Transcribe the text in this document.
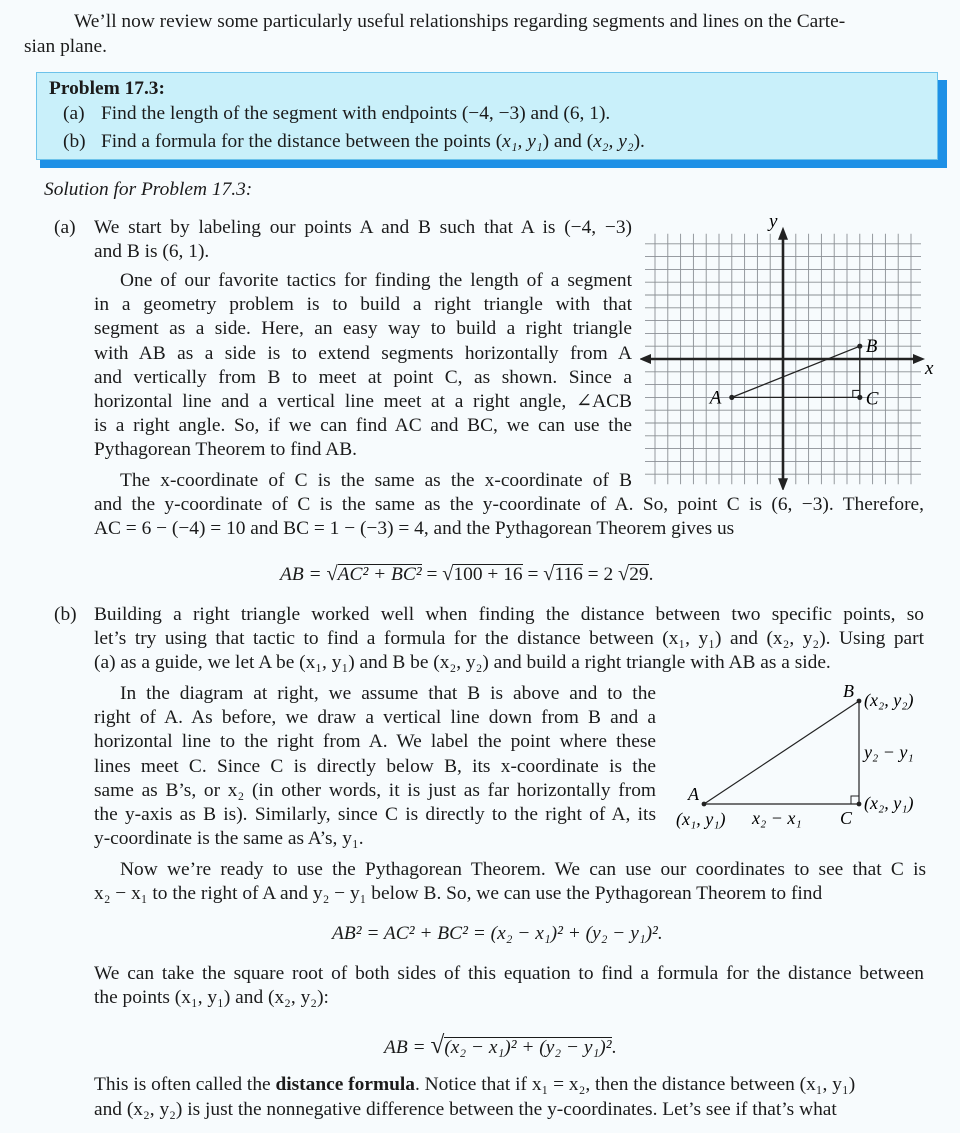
We’ll now review some particularly useful relationships regarding segments and lines on the Carte-
sian plane.
Problem 17.3:
(a) Find the length of the segment with endpoints (−4, −3) and (6, 1).
(b) Find a formula for the distance between the points (x₁, y₁) and (x₂, y₂).
Solution for Problem 17.3:
(a) We start by labeling our points A and B such that A is (−4, −3)
and B is (6, 1).
One of our favorite tactics for finding the length of a segment
in a geometry problem is to build a right triangle with that
segment as a side. Here, an easy way to build a right triangle
with AB as a side is to extend segments horizontally from A
and vertically from B to meet at point C, as shown. Since a
horizontal line and a vertical line meet at a right angle, ∠ACB
is a right angle. So, if we can find AC and BC, we can use the
Pythagorean Theorem to find AB.
The x-coordinate of C is the same as the x-coordinate of B
and the y-coordinate of C is the same as the y-coordinate of A. So, point C is (6, −3). Therefore,
AC = 6 − (−4) = 10 and BC = 1 − (−3) = 4, and the Pythagorean Theorem gives us
AB = √AC² + BC² = √100 + 16 = √116 = 2 √29.
x
y
A
B
C
(b) Building a right triangle worked well when finding the distance between two specific points, so
let’s try using that tactic to find a formula for the distance between (x₁, y₁) and (x₂, y₂). Using part
(a) as a guide, we let A be (x₁, y₁) and B be (x₂, y₂) and build a right triangle with AB as a side.
In the diagram at right, we assume that B is above and to the
right of A. As before, we draw a vertical line down from B and a
horizontal line to the right from A. We label the point where these
lines meet C. Since C is directly below B, its x-coordinate is the
same as B’s, or x₂ (in other words, it is just as far horizontally from
the y-axis as B is). Similarly, since C is directly to the right of A, its
y-coordinate is the same as A’s, y₁.
A
B
C
(x₁, y₁)
(x₂, y₂)
(x₂, y₁)
x₂ − x₁
y₂ − y₁
Now we’re ready to use the Pythagorean Theorem. We can use our coordinates to see that C is
x₂ − x₁ to the right of A and y₂ − y₁ below B. So, we can use the Pythagorean Theorem to find
AB² = AC² + BC² = (x₂ − x₁)² + (y₂ − y₁)².
We can take the square root of both sides of this equation to find a formula for the distance between
the points (x₁, y₁) and (x₂, y₂):
AB = √(x₂ − x₁)² + (y₂ − y₁)².
This is often called the distance formula. Notice that if x₁ = x₂, then the distance between (x₁, y₁)
and (x₂, y₂) is just the nonnegative difference between the y-coordinates. Let’s see if that’s what
